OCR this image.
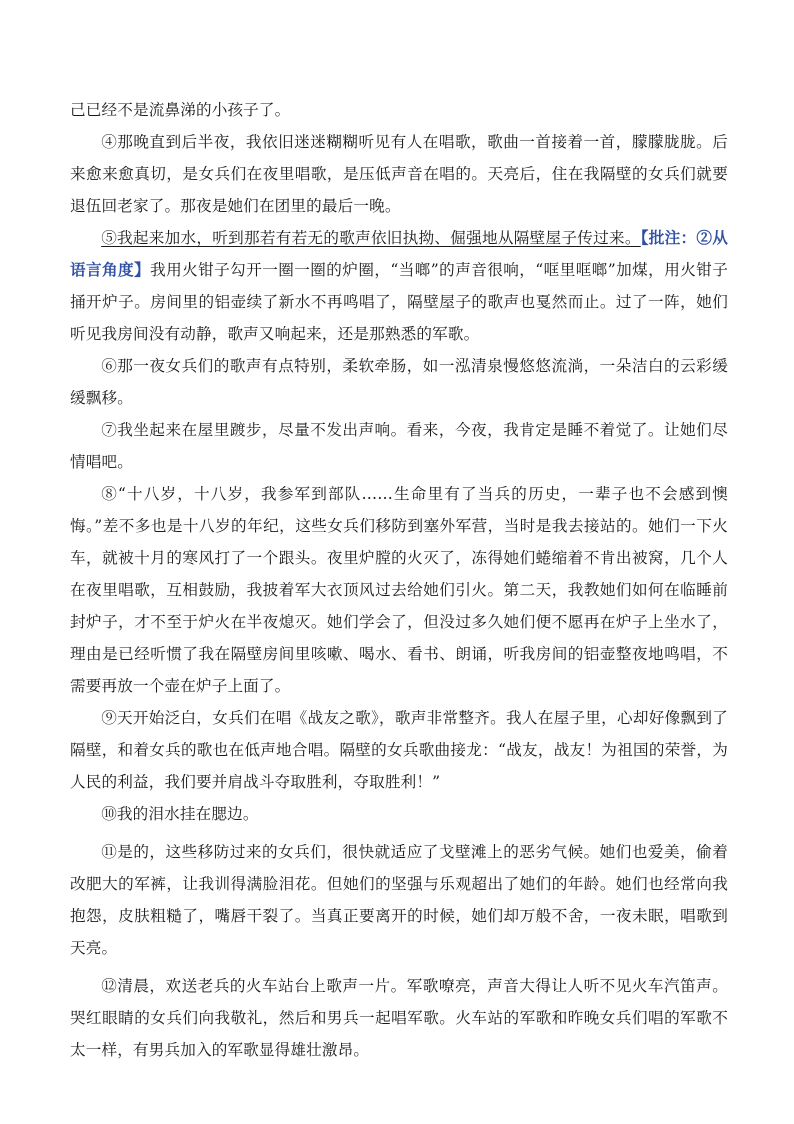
己已经不是流鼻涕的小孩子了。

④那晚直到后半夜，我依旧迷迷糊糊听见有人在唱歌，歌曲一首接着一首，朦朦胧胧。后来愈来愈真切，是女兵们在夜里唱歌，是压低声音在唱的。天亮后，住在我隔壁的女兵们就要退伍回老家了。那夜是她们在团里的最后一晚。

⑤我起来加水，听到那若有若无的歌声依旧执拗、倔强地从隔壁屋子传过来。【批注：②从语言角度】我用火钳子勾开一圈一圈的炉圈，“当啷”的声音很响，“哐里哐啷”加煤，用火钳子捅开炉子。房间里的铝壶续了新水不再鸣唱了，隔壁屋子的歌声也戛然而止。过了一阵，她们听见我房间没有动静，歌声又响起来，还是那熟悉的军歌。

⑥那一夜女兵们的歌声有点特别，柔软牵肠，如一泓清泉慢悠悠流淌，一朵洁白的云彩缓缓飘移。

⑦我坐起来在屋里踱步，尽量不发出声响。看来，今夜，我肯定是睡不着觉了。让她们尽情唱吧。

⑧“十八岁，十八岁，我参军到部队……生命里有了当兵的历史，一辈子也不会感到懊悔。”差不多也是十八岁的年纪，这些女兵们移防到塞外军营，当时是我去接站的。她们一下火车，就被十月的寒风打了一个跟头。夜里炉膛的火灭了，冻得她们蜷缩着不肯出被窝，几个人在夜里唱歌，互相鼓励，我披着军大衣顶风过去给她们引火。第二天，我教她们如何在临睡前封炉子，才不至于炉火在半夜熄灭。她们学会了，但没过多久她们便不愿再在炉子上坐水了，理由是已经听惯了我在隔壁房间里咳嗽、喝水、看书、朗诵，听我房间的铝壶整夜地鸣唱，不需要再放一个壶在炉子上面了。

⑨天开始泛白，女兵们在唱《战友之歌》，歌声非常整齐。我人在屋子里，心却好像飘到了隔壁，和着女兵的歌也在低声地合唱。隔壁的女兵歌曲接龙：“战友，战友！为祖国的荣誉，为人民的利益，我们要并肩战斗夺取胜利，夺取胜利！”

⑩我的泪水挂在腮边。

⑪是的，这些移防过来的女兵们，很快就适应了戈壁滩上的恶劣气候。她们也爱美，偷着改肥大的军裤，让我训得满脸泪花。但她们的坚强与乐观超出了她们的年龄。她们也经常向我抱怨，皮肤粗糙了，嘴唇干裂了。当真正要离开的时候，她们却万般不舍，一夜未眠，唱歌到天亮。

⑫清晨，欢送老兵的火车站台上歌声一片。军歌嘹亮，声音大得让人听不见火车汽笛声。哭红眼睛的女兵们向我敬礼，然后和男兵一起唱军歌。火车站的军歌和昨晚女兵们唱的军歌不太一样，有男兵加入的军歌显得雄壮激昂。
